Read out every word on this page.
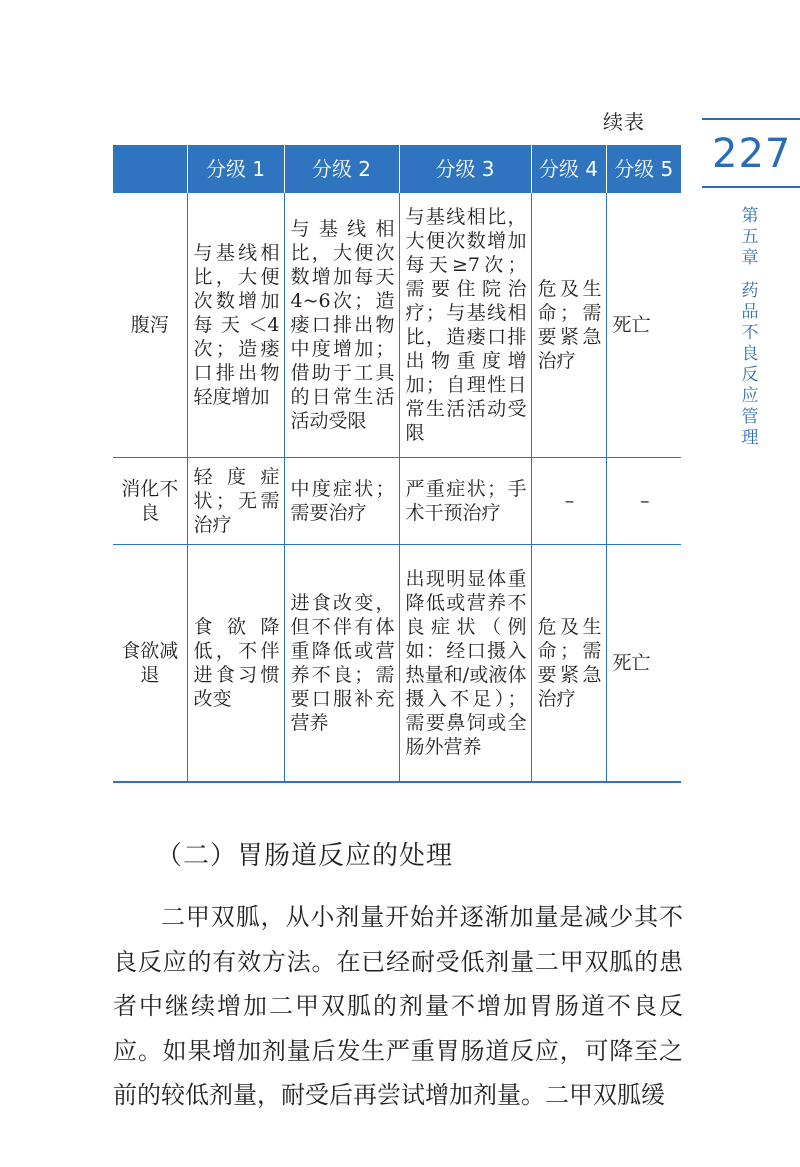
续表
227
第五章
药品不良反应管理
	分级 1	分级 2	分级 3	分级 4	分级 5
腹泻	与基线相比，大便次数增加每天＜4次；造瘘口排出物轻度增加	与基线相比，大便次数增加每天4~6次；造瘘口排出物中度增加；借助于工具的日常生活活动受限	与基线相比，大便次数增加每天≥7次；需要住院治疗；与基线相比，造瘘口排出物重度增加；自理性日常生活活动受限	危及生命；需要紧急治疗	死亡
消化不良	轻度症状；无需治疗	中度症状；需要治疗	严重症状；手术干预治疗	–	–
食欲减退	食欲降低，不伴进食习惯改变	进食改变，但不伴有体重降低或营养不良；需要口服补充营养	出现明显体重降低或营养不良症状（例如：经口摄入热量和/或液体摄入不足）；需要鼻饲或全肠外营养	危及生命；需要紧急治疗	死亡
（二）胃肠道反应的处理

二甲双胍，从小剂量开始并逐渐加量是减少其不良反应的有效方法。在已经耐受低剂量二甲双胍的患者中继续增加二甲双胍的剂量不增加胃肠道不良反应。如果增加剂量后发生严重胃肠道反应，可降至之前的较低剂量，耐受后再尝试增加剂量。二甲双胍缓
